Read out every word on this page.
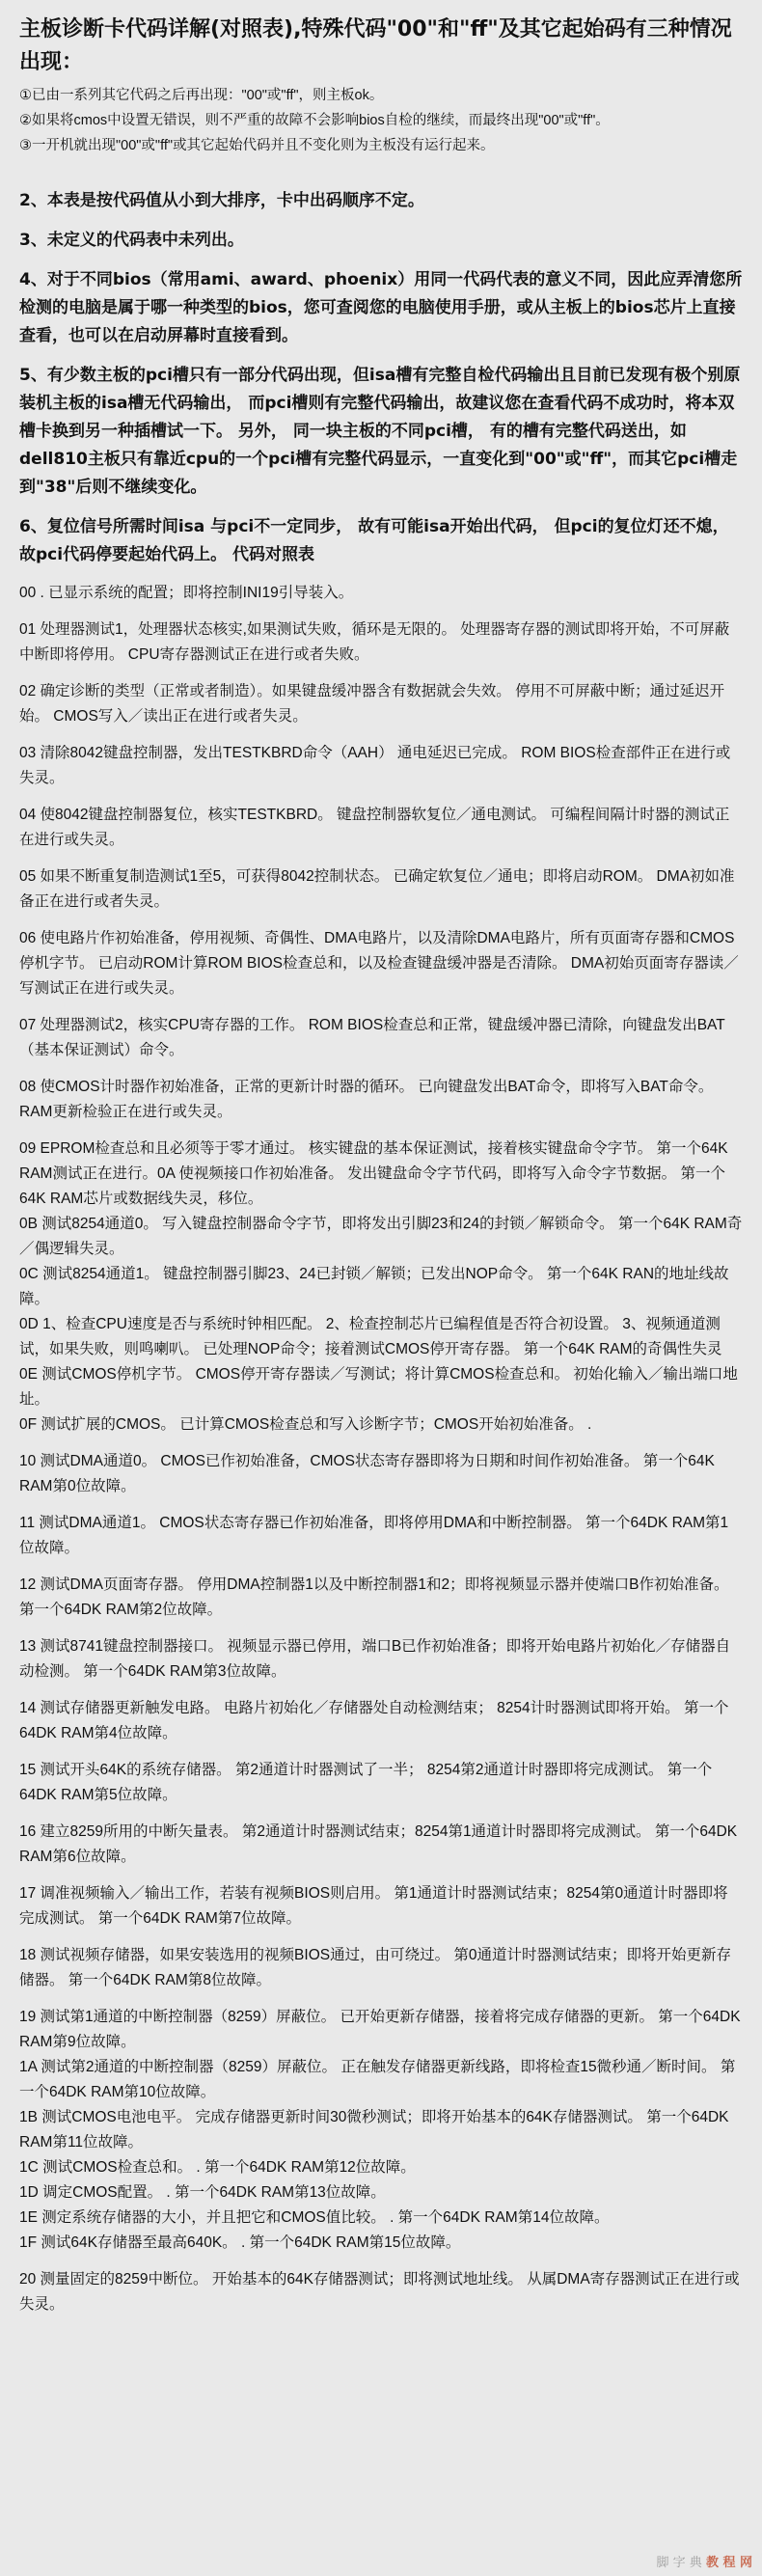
主板诊断卡代码详解(对照表),特殊代码"00"和"ff"及其它起始码有三种情况出现：

①已由一系列其它代码之后再出现："00"或"ff"，则主板ok。

②如果将cmos中设置无错误，则不严重的故障不会影响bios自检的继续，而最终出现"00"或"ff"。

③一开机就出现"00"或"ff"或其它起始代码并且不变化则为主板没有运行起来。

2、本表是按代码值从小到大排序，卡中出码顺序不定。

3、未定义的代码表中未列出。

4、对于不同bios（常用ami、award、phoenix）用同一代码代表的意义不同，因此应弄清您所检测的电脑是属于哪一种类型的bios，您可查阅您的电脑使用手册，或从主板上的bios芯片上直接查看，也可以在启动屏幕时直接看到。

5、有少数主板的pci槽只有一部分代码出现，但isa槽有完整自检代码输出且目前已发现有极个别原装机主板的isa槽无代码输出， 而pci槽则有完整代码输出，故建议您在查看代码不成功时，将本双槽卡换到另一种插槽试一下。 另外， 同一块主板的不同pci槽， 有的槽有完整代码送出，如dell810主板只有靠近cpu的一个pci槽有完整代码显示，一直变化到"00"或"ff"，而其它pci槽走到"38"后则不继续变化。

6、复位信号所需时间isa 与pci不一定同步， 故有可能isa开始出代码， 但pci的复位灯还不熄，故pci代码停要起始代码上。 代码对照表

00 . 已显示系统的配置；即将控制INI19引导装入。

01 处理器测试1，处理器状态核实,如果测试失败，循环是无限的。 处理器寄存器的测试即将开始，不可屏蔽中断即将停用。 CPU寄存器测试正在进行或者失败。

02 确定诊断的类型（正常或者制造）。如果键盘缓冲器含有数据就会失效。 停用不可屏蔽中断；通过延迟开始。 CMOS写入／读出正在进行或者失灵。

03 清除8042键盘控制器，发出TESTKBRD命令（AAH） 通电延迟已完成。 ROM BIOS检查部件正在进行或失灵。

04 使8042键盘控制器复位，核实TESTKBRD。 键盘控制器软复位／通电测试。 可编程间隔计时器的测试正在进行或失灵。

05 如果不断重复制造测试1至5，可获得8042控制状态。 已确定软复位／通电；即将启动ROM。 DMA初如准备正在进行或者失灵。

06 使电路片作初始准备，停用视频、奇偶性、DMA电路片，以及清除DMA电路片，所有页面寄存器和CMOS停机字节。 已启动ROM计算ROM BIOS检查总和，以及检查键盘缓冲器是否清除。 DMA初始页面寄存器读／写测试正在进行或失灵。

07 处理器测试2，核实CPU寄存器的工作。 ROM BIOS检查总和正常，键盘缓冲器已清除，向键盘发出BAT（基本保证测试）命令。

08 使CMOS计时器作初始准备，正常的更新计时器的循环。 已向键盘发出BAT命令，即将写入BAT命令。 RAM更新检验正在进行或失灵。

09 EPROM检查总和且必须等于零才通过。 核实键盘的基本保证测试，接着核实键盘命令字节。 第一个64K RAM测试正在进行。0A 使视频接口作初始准备。 发出键盘命令字节代码，即将写入命令字节数据。 第一个64K RAM芯片或数据线失灵，移位。

0B 测试8254通道0。 写入键盘控制器命令字节，即将发出引脚23和24的封锁／解锁命令。 第一个64K RAM奇／偶逻辑失灵。

0C 测试8254通道1。 键盘控制器引脚23、24已封锁／解锁；已发出NOP命令。 第一个64K RAN的地址线故障。

0D 1、检查CPU速度是否与系统时钟相匹配。 2、检查控制芯片已编程值是否符合初设置。 3、视频通道测试，如果失败，则鸣喇叭。 已处理NOP命令；接着测试CMOS停开寄存器。 第一个64K RAM的奇偶性失灵

0E 测试CMOS停机字节。 CMOS停开寄存器读／写测试；将计算CMOS检查总和。 初始化输入／输出端口地址。

0F 测试扩展的CMOS。 已计算CMOS检查总和写入诊断字节；CMOS开始初始准备。 .

10 测试DMA通道0。 CMOS已作初始准备，CMOS状态寄存器即将为日期和时间作初始准备。 第一个64K RAM第0位故障。

11 测试DMA通道1。 CMOS状态寄存器已作初始准备，即将停用DMA和中断控制器。 第一个64DK RAM第1位故障。

12 测试DMA页面寄存器。 停用DMA控制器1以及中断控制器1和2；即将视频显示器并使端口B作初始准备。 第一个64DK RAM第2位故障。

13 测试8741键盘控制器接口。 视频显示器已停用，端口B已作初始准备；即将开始电路片初始化／存储器自动检测。 第一个64DK RAM第3位故障。

14 测试存储器更新触发电路。 电路片初始化／存储器处自动检测结束； 8254计时器测试即将开始。 第一个64DK RAM第4位故障。

15 测试开头64K的系统存储器。 第2通道计时器测试了一半； 8254第2通道计时器即将完成测试。 第一个64DK RAM第5位故障。

16 建立8259所用的中断矢量表。 第2通道计时器测试结束；8254第1通道计时器即将完成测试。 第一个64DK RAM第6位故障。

17 调准视频输入／输出工作，若装有视频BIOS则启用。 第1通道计时器测试结束；8254第0通道计时器即将完成测试。 第一个64DK RAM第7位故障。

18 测试视频存储器，如果安装选用的视频BIOS通过，由可绕过。 第0通道计时器测试结束；即将开始更新存储器。 第一个64DK RAM第8位故障。

19 测试第1通道的中断控制器（8259）屏蔽位。 已开始更新存储器，接着将完成存储器的更新。 第一个64DK RAM第9位故障。

1A 测试第2通道的中断控制器（8259）屏蔽位。 正在触发存储器更新线路，即将检查15微秒通／断时间。 第一个64DK RAM第10位故障。

1B 测试CMOS电池电平。 完成存储器更新时间30微秒测试；即将开始基本的64K存储器测试。 第一个64DK RAM第11位故障。

1C 测试CMOS检查总和。 . 第一个64DK RAM第12位故障。

1D 调定CMOS配置。 . 第一个64DK RAM第13位故障。

1E 测定系统存储器的大小，并且把它和CMOS值比较。 . 第一个64DK RAM第14位故障。

1F 测试64K存储器至最高640K。 . 第一个64DK RAM第15位故障。

20 测量固定的8259中断位。 开始基本的64K存储器测试；即将测试地址线。 从属DMA寄存器测试正在进行或失灵。

脚 字 典 教 程 网
